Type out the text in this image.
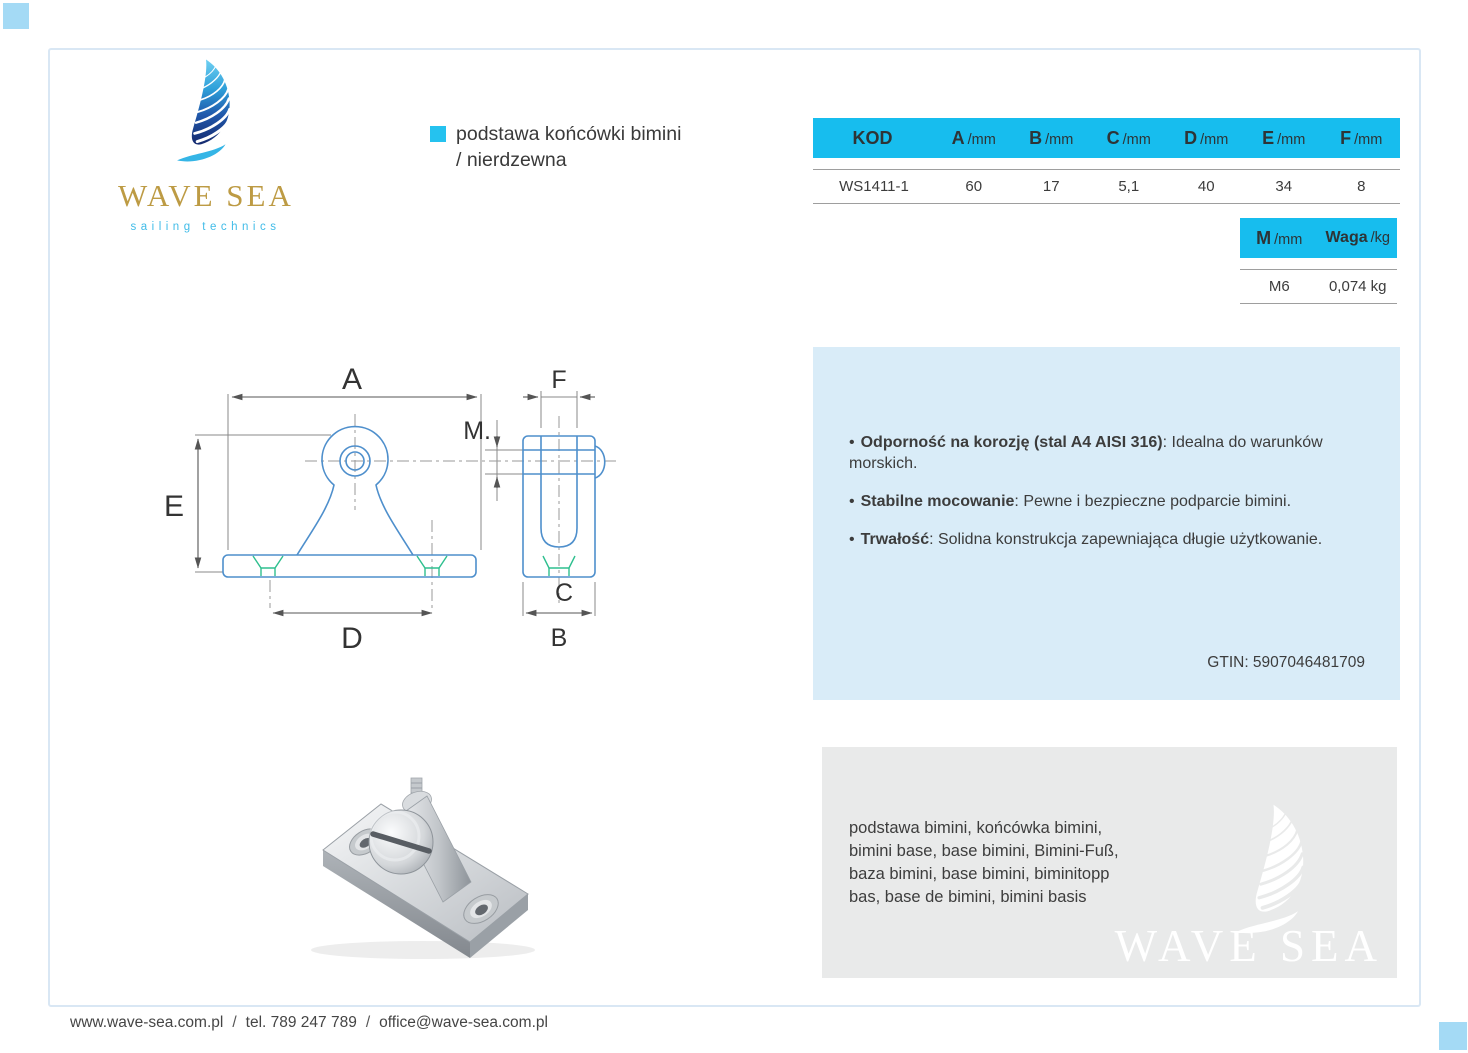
WAVE SEA
sailing technics
podstawa końcówki bimini
/ nierdzewna
KOD	A /mm	B /mm	C /mm	D /mm	E /mm	F /mm
WS1411-1	60	17	5,1	40	34	8
M /mm	Waga /kg
M6	0,074 kg
A
E
D
F
M.
C
B
• Odporność na korozję (stal A4 AISI 316): Idealna do warunków morskich.
• Stabilne mocowanie: Pewne i bezpieczne podparcie bimini.
• Trwałość: Solidna konstrukcja zapewniająca długie użytkowanie.
GTIN: 5907046481709
podstawa bimini, końcówka bimini, bimini base, base bimini, Bimini-Fuß, baza bimini, base bimini, biminitopp bas, base de bimini, bimini basis
WAVE SEA
www.wave-sea.com.pl / tel. 789 247 789 / office@wave-sea.com.pl
